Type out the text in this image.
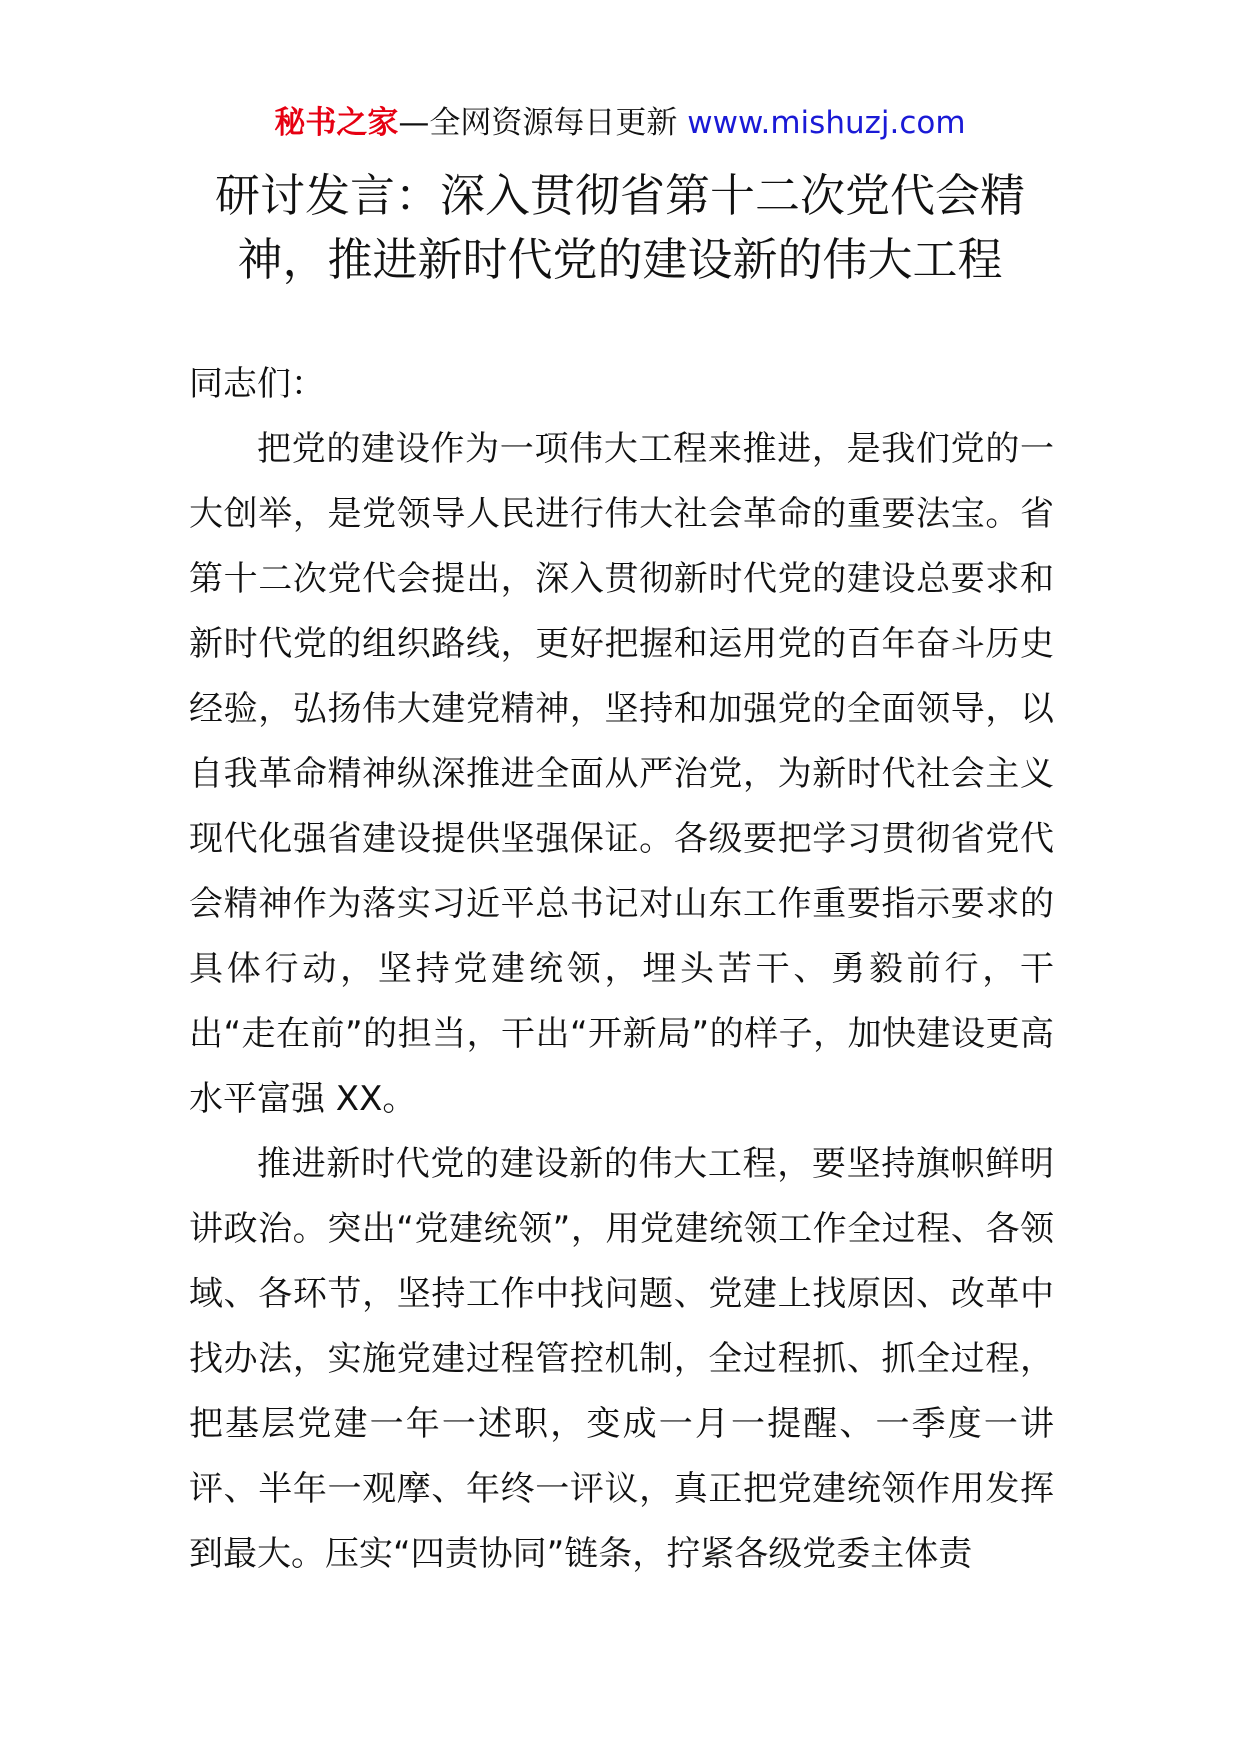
秘书之家—全网资源每日更新 www.mishuzj.com
研讨发言：深入贯彻省第十二次党代会精神，推进新时代党的建设新的伟大工程

同志们：

把党的建设作为一项伟大工程来推进，是我们党的一大创举，是党领导人民进行伟大社会革命的重要法宝。省第十二次党代会提出，深入贯彻新时代党的建设总要求和新时代党的组织路线，更好把握和运用党的百年奋斗历史经验，弘扬伟大建党精神，坚持和加强党的全面领导，以自我革命精神纵深推进全面从严治党，为新时代社会主义现代化强省建设提供坚强保证。各级要把学习贯彻省党代会精神作为落实习近平总书记对山东工作重要指示要求的具体行动，坚持党建统领，埋头苦干、勇毅前行，干出“走在前”的担当，干出“开新局”的样子，加快建设更高水平富强 XX。

推进新时代党的建设新的伟大工程，要坚持旗帜鲜明讲政治。突出“党建统领”，用党建统领工作全过程、各领域、各环节，坚持工作中找问题、党建上找原因、改革中找办法，实施党建过程管控机制，全过程抓、抓全过程，把基层党建一年一述职，变成一月一提醒、一季度一讲评、半年一观摩、年终一评议，真正把党建统领作用发挥到最大。压实“四责协同”链条，拧紧各级党委主体责
